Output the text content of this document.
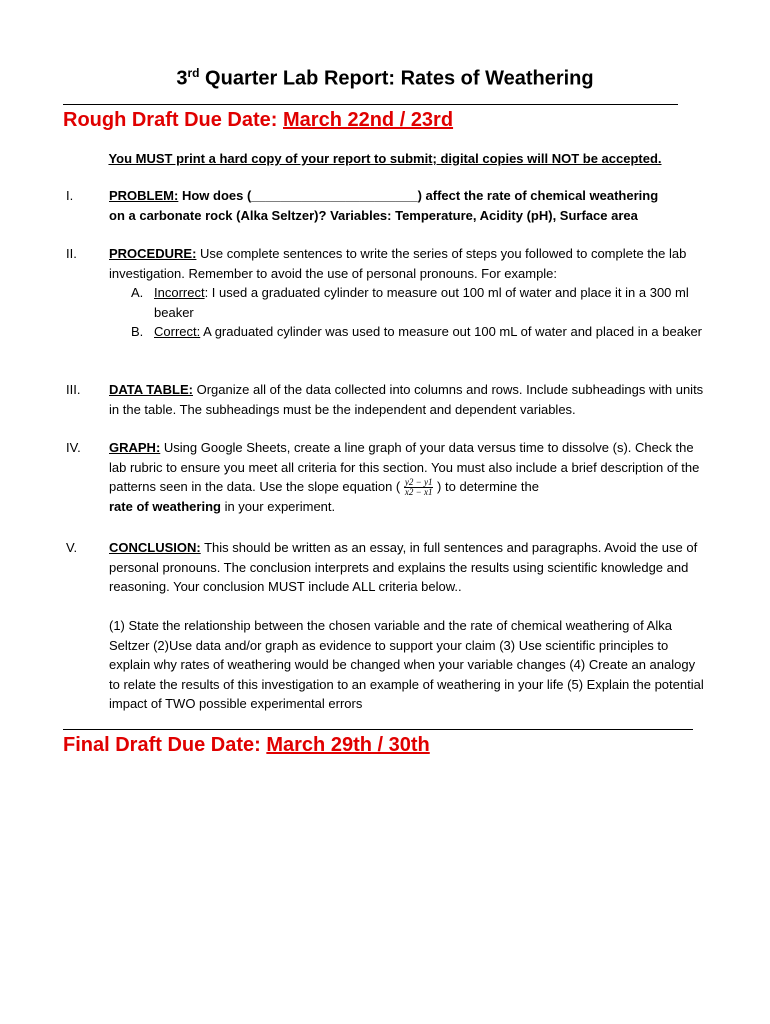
3rd Quarter Lab Report: Rates of Weathering
Rough Draft Due Date: March 22nd / 23rd
You MUST print a hard copy of your report to submit; digital copies will NOT be accepted.
I.	PROBLEM: How does (_______________________) affect the rate of chemical weathering
on a carbonate rock (Alka Seltzer)? Variables: Temperature, Acidity (pH), Surface area
II.	PROCEDURE: Use complete sentences to write the series of steps you followed to complete the lab investigation. Remember to avoid the use of personal pronouns. For example:
A. Incorrect: I used a graduated cylinder to measure out 100 ml of water and place it in a 300 ml beaker
B. Correct: A graduated cylinder was used to measure out 100 mL of water and placed in a beaker
III.	DATA TABLE: Organize all of the data collected into columns and rows. Include subheadings with units in the table. The subheadings must be the independent and dependent variables.
IV.	GRAPH: Using Google Sheets, create a line graph of your data versus time to dissolve (s). Check the lab rubric to ensure you meet all criteria for this section. You must also include a brief description of the patterns seen in the data. Use the slope equation ( $\frac{y2 - y1}{x2 - x1}$ ) to determine the
rate of weathering in your experiment.
V.	CONCLUSION: This should be written as an essay, in full sentences and paragraphs. Avoid the use of personal pronouns. The conclusion interprets and explains the results using scientific knowledge and reasoning. Your conclusion MUST include ALL criteria below..
(1) State the relationship between the chosen variable and the rate of chemical weathering of Alka Seltzer (2)Use data and/or graph as evidence to support your claim (3) Use scientific principles to explain why rates of weathering would be changed when your variable changes (4) Create an analogy to relate the results of this investigation to an example of weathering in your life (5) Explain the potential impact of TWO possible experimental errors
Final Draft Due Date: March 29th / 30th
